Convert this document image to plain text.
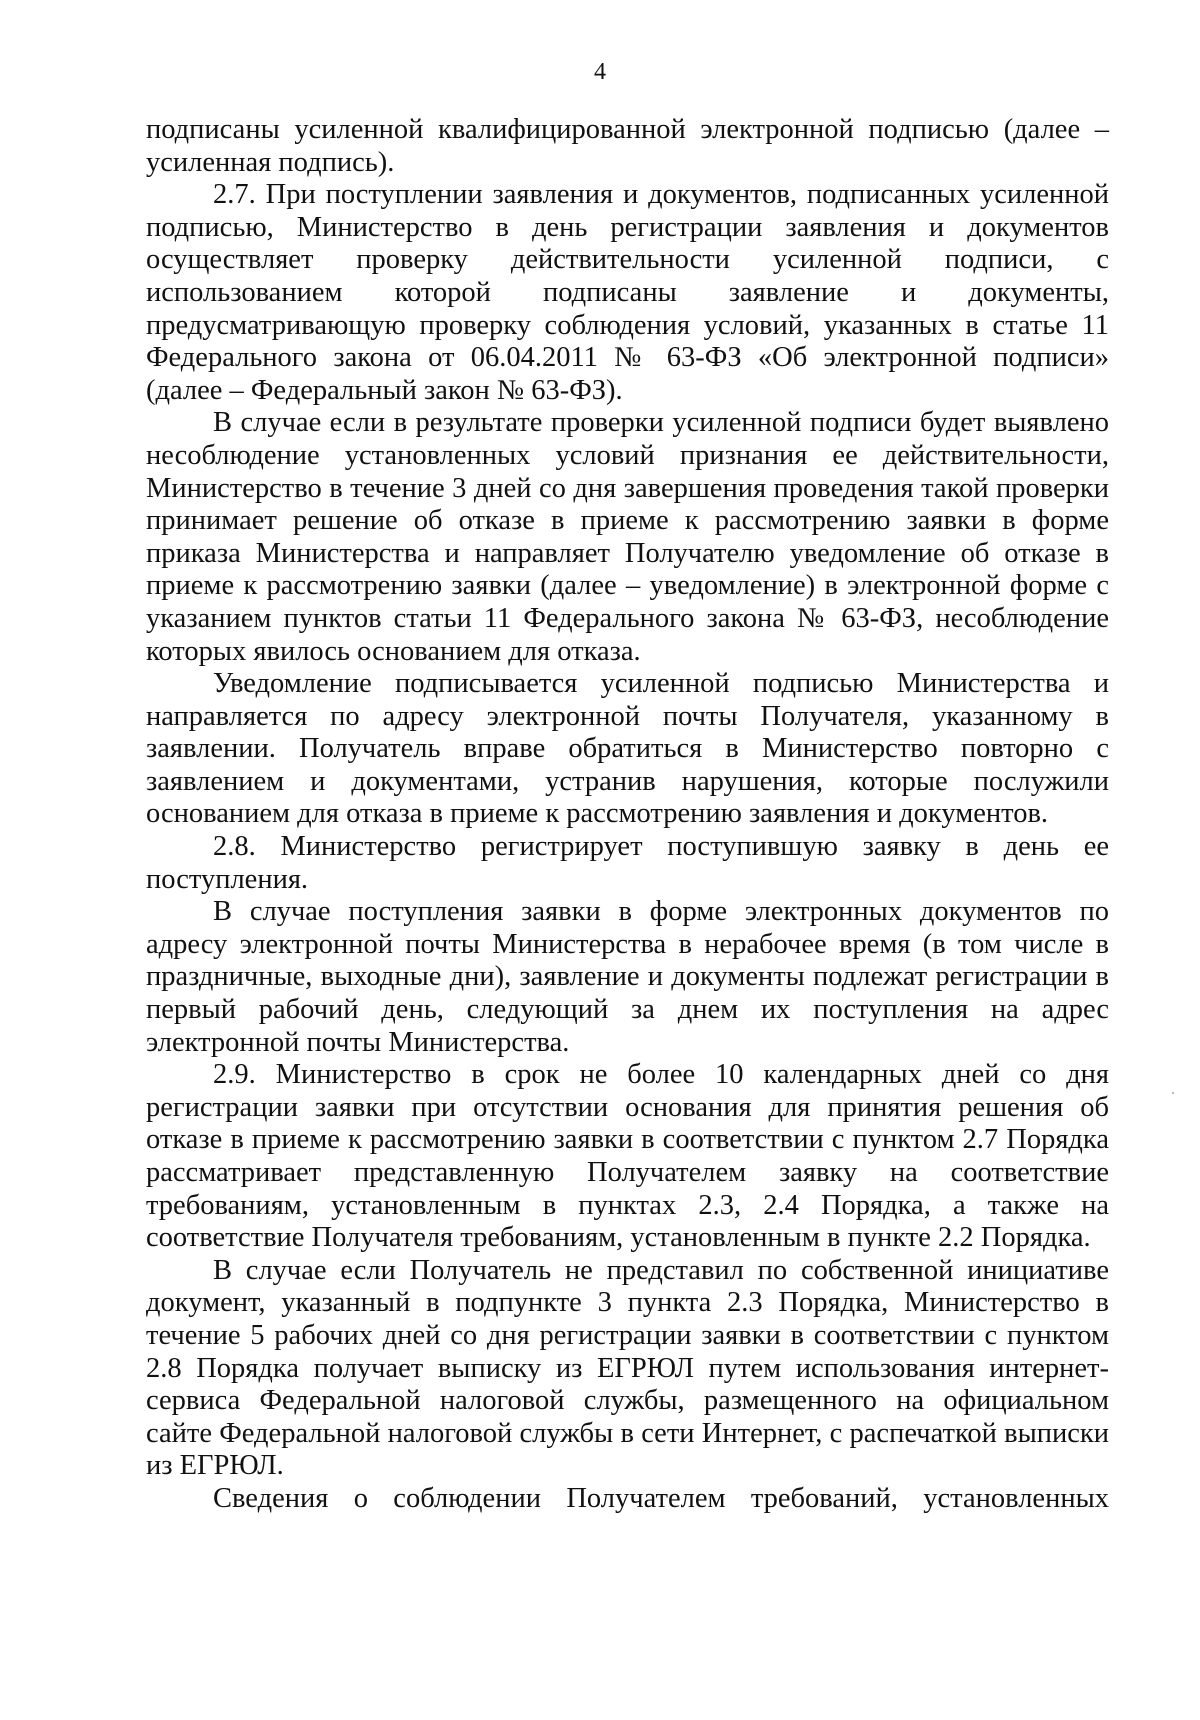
4

подписаны усиленной квалифицированной электронной подписью (далее – усиленная подпись).

2.7. При поступлении заявления и документов, подписанных усиленной подписью, Министерство в день регистрации заявления и документов осуществляет проверку действительности усиленной подписи, с использованием которой подписаны заявление и документы, предусматривающую проверку соблюдения условий, указанных в статье 11 Федерального закона от 06.04.2011 № 63-ФЗ «Об электронной подписи» (далее – Федеральный закон № 63-ФЗ).

В случае если в результате проверки усиленной подписи будет выявлено несоблюдение установленных условий признания ее действительности, Министерство в течение 3 дней со дня завершения проведения такой проверки принимает решение об отказе в приеме к рассмотрению заявки в форме приказа Министерства и направляет Получателю уведомление об отказе в приеме к рассмотрению заявки (далее – уведомление) в электронной форме с указанием пунктов статьи 11 Федерального закона № 63-ФЗ, несоблюдение которых явилось основанием для отказа.

Уведомление подписывается усиленной подписью Министерства и направляется по адресу электронной почты Получателя, указанному в заявлении. Получатель вправе обратиться в Министерство повторно с заявлением и документами, устранив нарушения, которые послужили основанием для отказа в приеме к рассмотрению заявления и документов.

2.8. Министерство регистрирует поступившую заявку в день ее поступления.

В случае поступления заявки в форме электронных документов по адресу электронной почты Министерства в нерабочее время (в том числе в праздничные, выходные дни), заявление и документы подлежат регистрации в первый рабочий день, следующий за днем их поступления на адрес электронной почты Министерства.

2.9. Министерство в срок не более 10 календарных дней со дня регистрации заявки при отсутствии основания для принятия решения об отказе в приеме к рассмотрению заявки в соответствии с пунктом 2.7 Порядка рассматривает представленную Получателем заявку на соответствие требованиям, установленным в пунктах 2.3, 2.4 Порядка, а также на соответствие Получателя требованиям, установленным в пункте 2.2 Порядка.

В случае если Получатель не представил по собственной инициативе документ, указанный в подпункте 3 пункта 2.3 Порядка, Министерство в течение 5 рабочих дней со дня регистрации заявки в соответствии с пунктом 2.8 Порядка получает выписку из ЕГРЮЛ путем использования интернет-сервиса Федеральной налоговой службы, размещенного на официальном сайте Федеральной налоговой службы в сети Интернет, с распечаткой выписки из ЕГРЮЛ.

Сведения о соблюдении Получателем требований, установленных
